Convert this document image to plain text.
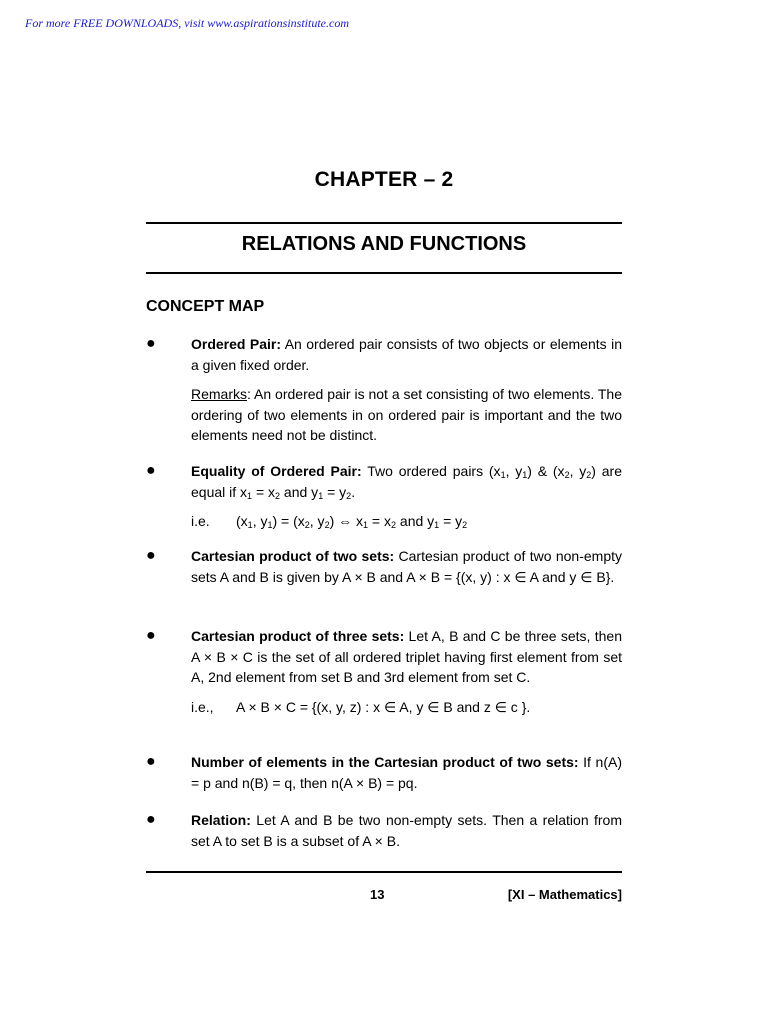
For more FREE DOWNLOADS, visit www.aspirationsinstitute.com
CHAPTER – 2
RELATIONS AND FUNCTIONS
CONCEPT MAP
●	Ordered Pair: An ordered pair consists of two objects or elements in a given fixed order.

Remarks: An ordered pair is not a set consisting of two elements. The ordering of two elements in on ordered pair is important and the two elements need not be distinct.

●	Equality of Ordered Pair: Two ordered pairs ($x_1$, $y_1$) & ($x_2$, $y_2$) are equal if $x_1 = x_2$ and $y_1 = y_2$.

i.e. ($x_1$, $y_1) = (x_2$, $y_2$) ⇔ $x_1 = x_2$ and $y_1 = y_2$

●	Cartesian product of two sets: Cartesian product of two non-empty sets A and B is given by A × B and A × B = {(x, y) : x ∈ A and y ∈ B}.

●	Cartesian product of three sets: Let A, B and C be three sets, then A × B × C is the set of all ordered triplet having first element from set A, 2nd element from set B and 3rd element from set C.

i.e., A × B × C = {(x, y, z) : x ∈ A, y ∈ B and z ∈ c }.

●	Number of elements in the Cartesian product of two sets: If n(A) = p and n(B) = q, then n(A × B) = pq.

●	Relation: Let A and B be two non-empty sets. Then a relation from set A to set B is a subset of A × B.

13	[XI – Mathematics]
